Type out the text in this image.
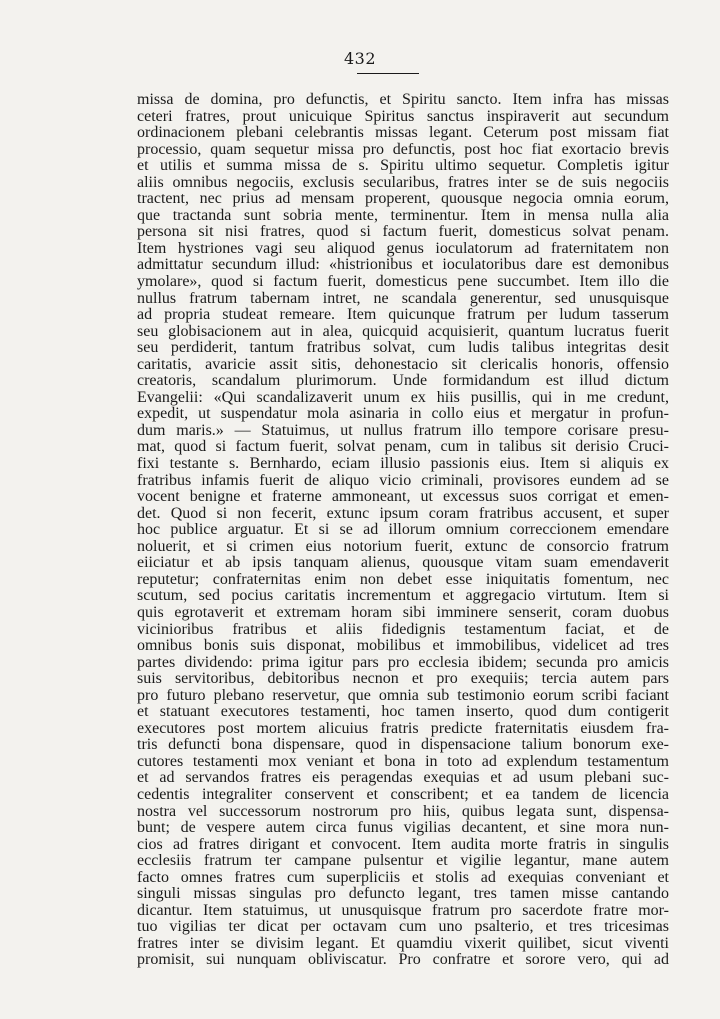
432
missa de domina, pro defunctis, et Spiritu sancto. Item infra has missas
ceteri fratres, prout unicuique Spiritus sanctus inspiraverit aut secundum
ordinacionem plebani celebrantis missas legant. Ceterum post missam fiat
processio, quam sequetur missa pro defunctis, post hoc fiat exortacio brevis
et utilis et summa missa de s. Spiritu ultimo sequetur. Completis igitur
aliis omnibus negociis, exclusis secularibus, fratres inter se de suis negociis
tractent, nec prius ad mensam properent, quousque negocia omnia eorum,
que tractanda sunt sobria mente, terminentur. Item in mensa nulla alia
persona sit nisi fratres, quod si factum fuerit, domesticus solvat penam.
Item hystriones vagi seu aliquod genus ioculatorum ad fraternitatem non
admittatur secundum illud: «histrionibus et ioculatoribus dare est demonibus
ymolare», quod si factum fuerit, domesticus pene succumbet. Item illo die
nullus fratrum tabernam intret, ne scandala generentur, sed unusquisque
ad propria studeat remeare. Item quicunque fratrum per ludum tasserum
seu globisacionem aut in alea, quicquid acquisierit, quantum lucratus fuerit
seu perdiderit, tantum fratribus solvat, cum ludis talibus integritas desit
caritatis, avaricie assit sitis, dehonestacio sit clericalis honoris, offensio
creatoris, scandalum plurimorum. Unde formidandum est illud dictum
Evangelii: «Qui scandalizaverit unum ex hiis pusillis, qui in me credunt,
expedit, ut suspendatur mola asinaria in collo eius et mergatur in profun-
dum maris.» — Statuimus, ut nullus fratrum illo tempore corisare presu-
mat, quod si factum fuerit, solvat penam, cum in talibus sit derisio Cruci-
fixi testante s. Bernhardo, eciam illusio passionis eius. Item si aliquis ex
fratribus infamis fuerit de aliquo vicio criminali, provisores eundem ad se
vocent benigne et fraterne ammoneant, ut excessus suos corrigat et emen-
det. Quod si non fecerit, extunc ipsum coram fratribus accusent, et super
hoc publice arguatur. Et si se ad illorum omnium correccionem emendare
noluerit, et si crimen eius notorium fuerit, extunc de consorcio fratrum
eiiciatur et ab ipsis tanquam alienus, quousque vitam suam emendaverit
reputetur; confraternitas enim non debet esse iniquitatis fomentum, nec
scutum, sed pocius caritatis incrementum et aggregacio virtutum. Item si
quis egrotaverit et extremam horam sibi imminere senserit, coram duobus
vicinioribus fratribus et aliis fidedignis testamentum faciat, et de
omnibus bonis suis disponat, mobilibus et immobilibus, videlicet ad tres
partes dividendo: prima igitur pars pro ecclesia ibidem; secunda pro amicis
suis servitoribus, debitoribus necnon et pro exequiis; tercia autem pars
pro futuro plebano reservetur, que omnia sub testimonio eorum scribi faciant
et statuant executores testamenti, hoc tamen inserto, quod dum contigerit
executores post mortem alicuius fratris predicte fraternitatis eiusdem fra-
tris defuncti bona dispensare, quod in dispensacione talium bonorum exe-
cutores testamenti mox veniant et bona in toto ad explendum testamentum
et ad servandos fratres eis peragendas exequias et ad usum plebani suc-
cedentis integraliter conservent et conscribent; et ea tandem de licencia
nostra vel successorum nostrorum pro hiis, quibus legata sunt, dispensa-
bunt; de vespere autem circa funus vigilias decantent, et sine mora nun-
cios ad fratres dirigant et convocent. Item audita morte fratris in singulis
ecclesiis fratrum ter campane pulsentur et vigilie legantur, mane autem
facto omnes fratres cum superpliciis et stolis ad exequias conveniant et
singuli missas singulas pro defuncto legant, tres tamen misse cantando
dicantur. Item statuimus, ut unusquisque fratrum pro sacerdote fratre mor-
tuo vigilias ter dicat per octavam cum uno psalterio, et tres tricesimas
fratres inter se divisim legant. Et quamdiu vixerit quilibet, sicut viventi
promisit, sui nunquam obliviscatur. Pro confratre et sorore vero, qui ad
